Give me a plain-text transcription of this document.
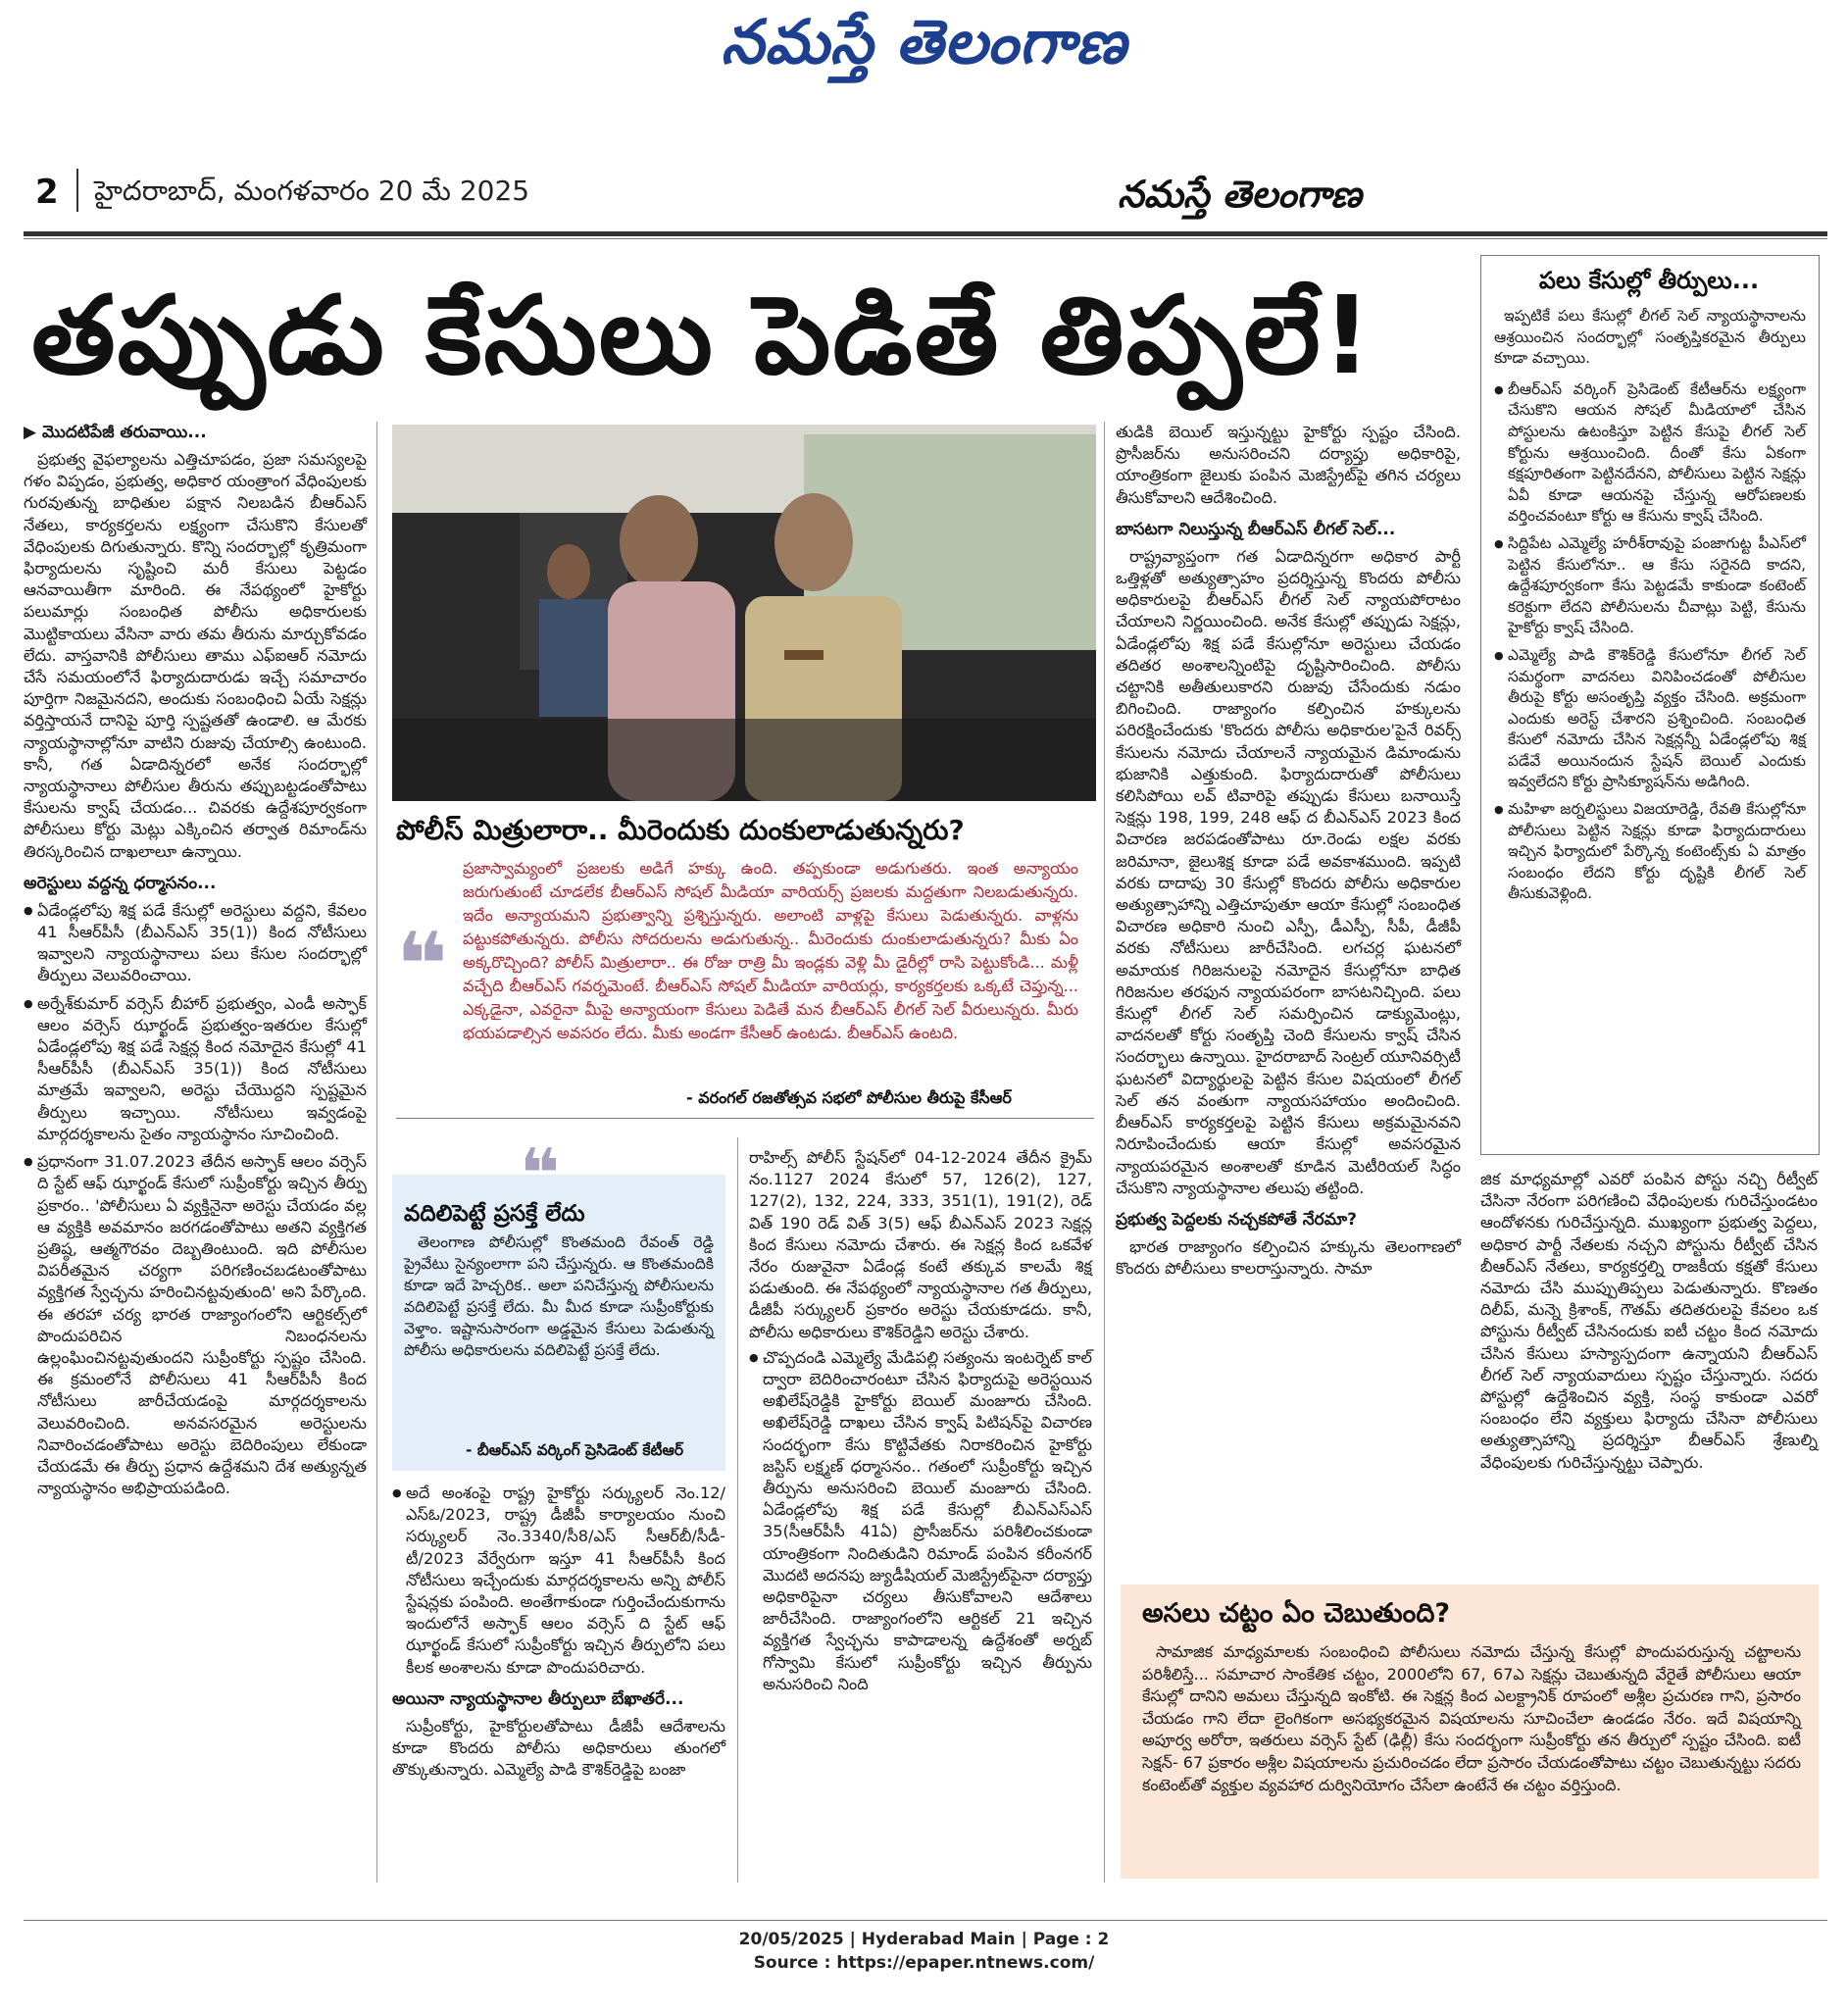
నమస్తే తెలంగాణ
2 హైదరాబాద్, మంగళవారం 20 మే 2025	నమస్తే తెలంగాణ
తప్పుడు కేసులు పెడితే తిప్పలే!
▶ మొదటిపేజీ తరువాయి...

ప్రభుత్వ వైఫల్యాలను ఎత్తిచూపడం, ప్రజా సమస్యలపై గళం విప్పడం, ప్రభుత్వ, అధికార యంత్రాంగ వేధింపులకు గురవుతున్న బాధితుల పక్షాన నిలబడిన బీఆర్ఎస్ నేతలు, కార్యకర్తలను లక్ష్యంగా చేసుకొని కేసులతో వేధింపులకు దిగుతున్నారు. కొన్ని సందర్భాల్లో కృత్రిమంగా ఫిర్యాదులను సృష్టించి మరీ కేసులు పెట్టడం ఆనవాయితీగా మారింది. ఈ నేపథ్యంలో హైకోర్టు పలుమార్లు సంబంధిత పోలీసు అధికారులకు మొట్టికాయలు వేసినా వారు తమ తీరును మార్చుకోవడం లేదు. వాస్తవానికి పోలీసులు తాము ఎఫ్‌ఐఆర్ నమోదు చేసే సమయంలోనే ఫిర్యాదుదారుడు ఇచ్చే సమాచారం పూర్తిగా నిజమైనదని, అందుకు సంబంధించి ఏయే సెక్షన్లు వర్తిస్తాయనే దానిపై పూర్తి స్పష్టతతో ఉండాలి. ఆ మేరకు న్యాయస్థానాల్లోనూ వాటిని రుజువు చేయాల్సి ఉంటుంది. కానీ, గత ఏడాదిన్నరలో అనేక సందర్భాల్లో న్యాయస్థానాలు పోలీసుల తీరును తప్పుబట్టడంతోపాటు కేసులను క్వాష్ చేయడం... చివరకు ఉద్దేశపూర్వకంగా పోలీసులు కోర్టు మెట్లు ఎక్కించిన తర్వాత రిమాండ్‌ను తిరస్కరించిన దాఖలాలూ ఉన్నాయి.

అరెస్టులు వద్దన్న ధర్మాసనం...
● ఏడేండ్లలోపు శిక్ష పడే కేసుల్లో అరెస్టులు వద్దని, కేవలం 41 సీఆర్‌పీసీ (బీఎన్ఎస్ 35(1)) కింద నోటీసులు ఇవ్వాలని న్యాయస్థానాలు పలు కేసుల సందర్భాల్లో తీర్పులు వెలువరించాయి.
● అర్నేశ్‌కుమార్ వర్సెస్ బీహార్ ప్రభుత్వం, ఎండీ అస్ఫాక్ ఆలం వర్సెస్ ఝార్ఖండ్ ప్రభుత్వం-ఇతరుల కేసుల్లో ఏడేండ్లలోపు శిక్ష పడే సెక్షన్ల కింద నమోదైన కేసుల్లో 41 సీఆర్‌పీసీ (బీఎన్ఎస్ 35(1)) కింద నోటీసులు మాత్రమే ఇవ్వాలని, అరెస్టు చేయొద్దని స్పష్టమైన తీర్పులు ఇచ్చాయి. నోటీసులు ఇవ్వడంపై మార్గదర్శకాలను సైతం న్యాయస్థానం సూచించింది.
● ప్రధానంగా 31.07.2023 తేదీన అస్ఫాక్ ఆలం వర్సెస్ ది స్టేట్ ఆఫ్ ఝార్ఖండ్ కేసులో సుప్రీంకోర్టు ఇచ్చిన తీర్పు ప్రకారం.. 'పోలీసులు ఏ వ్యక్తినైనా అరెస్టు చేయడం వల్ల ఆ వ్యక్తికి అవమానం జరగడంతోపాటు అతని వ్యక్తిగత ప్రతిష్ఠ, ఆత్మగౌరవం దెబ్బతింటుంది. ఇది పోలీసుల విపరీతమైన చర్యగా పరిగణించబడటంతోపాటు వ్యక్తిగత స్వేచ్ఛను హరించినట్టవుతుంది' అని పేర్కొంది. ఈ తరహా చర్య భారత రాజ్యాంగంలోని ఆర్టికల్స్‌లో పొందుపరిచిన నిబంధనలను ఉల్లంఘించినట్టవుతుందని సుప్రీంకోర్టు స్పష్టం చేసింది. ఈ క్రమంలోనే పోలీసులు 41 సీఆర్‌పీసీ కింద నోటీసులు జారీచేయడంపై మార్గదర్శకాలను వెలువరించింది. అనవసరమైన అరెస్టులను నివారించడంతోపాటు అరెస్టు బెదిరింపులు లేకుండా చేయడమే ఈ తీర్పు ప్రధాన ఉద్దేశమని దేశ అత్యున్నత న్యాయస్థానం అభిప్రాయపడింది.
పోలీస్ మిత్రులారా.. మీరెందుకు దుంకులాడుతున్నరు?
❝
ప్రజాస్వామ్యంలో ప్రజలకు అడిగే హక్కు ఉంది. తప్పకుండా అడుగుతరు. ఇంత అన్యాయం జరుగుతుంటే చూడలేక బీఆర్ఎస్ సోషల్ మీడియా వారియర్స్ ప్రజలకు మద్దతుగా నిలబడుతున్నరు. ఇదేం అన్యాయమని ప్రభుత్వాన్ని ప్రశ్నిస్తున్నరు. అలాంటి వాళ్లపై కేసులు పెడుతున్నరు. వాళ్లను పట్టుకపోతున్నరు. పోలీసు సోదరులను అడుగుతున్న.. మీరెందుకు దుంకులాడుతున్నరు? మీకు ఏం అక్కరొచ్చింది? పోలీస్ మిత్రులారా.. ఈ రోజు రాత్రి మీ ఇండ్లకు వెళ్లి మీ డైరీల్లో రాసి పెట్టుకోండి... మళ్లీ వచ్చేది బీఆర్ఎస్ గవర్నమెంటే. బీఆర్ఎస్ సోషల్ మీడియా వారియర్లు, కార్యకర్తలకు ఒక్కటే చెప్తున్న... ఎక్కడైనా, ఎవరైనా మీపై అన్యాయంగా కేసులు పెడితే మన బీఆర్ఎస్ లీగల్ సెల్ వీరులున్నరు. మీరు భయపడాల్సిన అవసరం లేదు. మీకు అండగా కేసీఆర్ ఉంటడు. బీఆర్ఎస్ ఉంటది.
- వరంగల్ రజతోత్సవ సభలో పోలీసుల తీరుపై కేసీఆర్
❝
వదిలిపెట్టే ప్రసక్తే లేదు

తెలంగాణ పోలీసుల్లో కొంతమంది రేవంత్ రెడ్డి ప్రైవేటు సైన్యంలాగా పని చేస్తున్నరు. ఆ కొంతమందికి కూడా ఇదే హెచ్చరిక.. అలా పనిచేస్తున్న పోలీసులను వదిలిపెట్టే ప్రసక్తే లేదు. మీ మీద కూడా సుప్రీంకోర్టుకు వెళ్తాం. ఇష్టానుసారంగా అడ్డమైన కేసులు పెడుతున్న పోలీసు అధికారులను వదిలిపెట్టే ప్రసక్తే లేదు.

- బీఆర్ఎస్ వర్కింగ్ ప్రెసిడెంట్ కేటీఆర్
● అదే అంశంపై రాష్ట్ర హైకోర్టు సర్క్యులర్ నెం.12/ఎస్ఓ/2023, రాష్ట్ర డీజీపీ కార్యాలయం నుంచి సర్క్యులర్ నెం.3340/సీ8/ఎస్ సీఆర్‌బీ/సీడీ-టీ/2023 వేర్వేరుగా ఇస్తూ 41 సీఆర్‌పీసీ కింద నోటీసులు ఇచ్చేందుకు మార్గదర్శకాలను అన్ని పోలీస్ స్టేషన్లకు పంపింది. అంతేగాకుండా గుర్తించేందుకుగాను ఇందులోనే అస్ఫాక్ ఆలం వర్సెస్ ది స్టేట్ ఆఫ్ ఝార్ఖండ్ కేసులో సుప్రీంకోర్టు ఇచ్చిన తీర్పులోని పలు కీలక అంశాలను కూడా పొందుపరిచారు.
అయినా న్యాయస్థానాల తీర్పులూ బేఖాతరే...

సుప్రీంకోర్టు, హైకోర్టులతోపాటు డీజీపీ ఆదేశాలను కూడా కొందరు పోలీసు అధికారులు తుంగలో తొక్కుతున్నారు. ఎమ్మెల్యే పాడి కౌశిక్‌రెడ్డిపై బంజా

రాహిల్స్ పోలీస్ స్టేషన్‌లో 04-12-2024 తేదీన క్రైమ్ నం.1127 2024 కేసులో 57, 126(2), 127, 127(2), 132, 224, 333, 351(1), 191(2), రెడ్ విత్ 190 రెడ్ విత్ 3(5) ఆఫ్ బీఎన్ఎస్ 2023 సెక్షన్ల కింద కేసులు నమోదు చేశారు. ఈ సెక్షన్ల కింద ఒకవేళ నేరం రుజువైనా ఏడేండ్ల కంటే తక్కువ కాలమే శిక్ష పడుతుంది. ఈ నేపథ్యంలో న్యాయస్థానాల గత తీర్పులు, డీజీపీ సర్క్యులర్ ప్రకారం అరెస్టు చేయకూడదు. కానీ, పోలీసు అధికారులు కౌశిక్‌రెడ్డిని అరెస్టు చేశారు.

● చొప్పదండి ఎమ్మెల్యే మేడిపల్లి సత్యంను ఇంటర్నెట్ కాల్ ద్వారా బెదిరించారంటూ చేసిన ఫిర్యాదుపై అరెస్టయిన అఖిలేష్‌రెడ్డికి హైకోర్టు బెయిల్ మంజూరు చేసింది. అఖిలేష్‌రెడ్డి దాఖలు చేసిన క్వాష్ పిటిషన్‌పై విచారణ సందర్భంగా కేసు కొట్టివేతకు నిరాకరించిన హైకోర్టు జస్టిస్ లక్ష్మణ్ ధర్మాసనం.. గతంలో సుప్రీంకోర్టు ఇచ్చిన తీర్పును అనుసరించి బెయిల్ మంజూరు చేసింది. ఏడేండ్లలోపు శిక్ష పడే కేసుల్లో బీఎన్ఎస్ఎస్ 35(సీఆర్‌పీసీ 41ఏ) ప్రొసీజర్‌ను పరిశీలించకుండా యాంత్రికంగా నిందితుడిని రిమాండ్ పంపిన కరీంనగర్ మొదటి అదనపు జ్యుడీషియల్ మెజిస్ట్రేట్‌పైనా దర్యాప్తు అధికారిపైనా చర్యలు తీసుకోవాలని ఆదేశాలు జారీచేసింది. రాజ్యాంగంలోని ఆర్టికల్ 21 ఇచ్చిన వ్యక్తిగత స్వేచ్ఛను కాపాడాలన్న ఉద్దేశంతో అర్నబ్ గోస్వామి కేసులో సుప్రీంకోర్టు ఇచ్చిన తీర్పును అనుసరించి నింది

తుడికి బెయిల్ ఇస్తున్నట్టు హైకోర్టు స్పష్టం చేసింది. ప్రొసీజర్‌ను అనుసరించని దర్యాప్తు అధికారిపై, యాంత్రికంగా జైలుకు పంపిన మెజిస్ట్రేట్‌పై తగిన చర్యలు తీసుకోవాలని ఆదేశించింది.

బాసటగా నిలుస్తున్న బీఆర్ఎస్ లీగల్ సెల్...

రాష్ట్రవ్యాప్తంగా గత ఏడాదిన్నరగా అధికార పార్టీ ఒత్తిళ్లతో అత్యుత్సాహం ప్రదర్శిస్తున్న కొందరు పోలీసు అధికారులపై బీఆర్ఎస్ లీగల్ సెల్ న్యాయపోరాటం చేయాలని నిర్ణయించింది. అనేక కేసుల్లో తప్పుడు సెక్షన్లు, ఏడేండ్లలోపు శిక్ష పడే కేసుల్లోనూ అరెస్టులు చేయడం తదితర అంశాలన్నింటిపై దృష్టిసారించింది. పోలీసు చట్టానికి అతీతులుకారని రుజువు చేసేందుకు నడుం బిగించింది. రాజ్యాంగం కల్పించిన హక్కులను పరిరక్షించేందుకు 'కొందరు పోలీసు అధికారుల'పైనే రివర్స్ కేసులను నమోదు చేయాలనే న్యాయమైన డిమాండును భుజానికి ఎత్తుకుంది. ఫిర్యాదుదారుతో పోలీసులు కలిసిపోయి లవ్ టివారిపై తప్పుడు కేసులు బనాయిస్తే సెక్షన్లు 198, 199, 248 ఆఫ్ ద బీఎన్ఎస్ 2023 కింద విచారణ జరపడంతోపాటు రూ.రెండు లక్షల వరకు జరిమానా, జైలుశిక్ష కూడా పడే అవకాశముంది. ఇప్పటి వరకు దాదాపు 30 కేసుల్లో కొందరు పోలీసు అధికారుల అత్యుత్సాహాన్ని ఎత్తిచూపుతూ ఆయా కేసుల్లో సంబంధిత విచారణ అధికారి నుంచి ఎస్పీ, డీఎస్పీ, సీపీ, డీజీపీ వరకు నోటీసులు జారీచేసింది. లగచర్ల ఘటనలో అమాయక గిరిజనులపై నమోదైన కేసుల్లోనూ బాధిత గిరిజనుల తరఫున న్యాయపరంగా బాసటనిచ్చింది. పలు కేసుల్లో లీగల్ సెల్ సమర్పించిన డాక్యుమెంట్లు, వాదనలతో కోర్టు సంతృప్తి చెంది కేసులను క్వాష్ చేసిన సందర్భాలు ఉన్నాయి. హైదరాబాద్ సెంట్రల్ యూనివర్సిటీ ఘటనలో విద్యార్థులపై పెట్టిన కేసుల విషయంలో లీగల్ సెల్ తన వంతుగా న్యాయసహాయం అందించింది. బీఆర్ఎస్ కార్యకర్తలపై పెట్టిన కేసులు అక్రమమైనవని నిరూపించేందుకు ఆయా కేసుల్లో అవసరమైన న్యాయపరమైన అంశాలతో కూడిన మెటీరియల్ సిద్ధం చేసుకొని న్యాయస్థానాల తలుపు తట్టింది.

ప్రభుత్వ పెద్దలకు నచ్చకపోతే నేరమా?

భారత రాజ్యాంగం కల్పించిన హక్కును తెలంగాణలో కొందరు పోలీసులు కాలరాస్తున్నారు. సామా

పలు కేసుల్లో తీర్పులు...

ఇప్పటికే పలు కేసుల్లో లీగల్ సెల్ న్యాయస్థానాలను ఆశ్రయించిన సందర్భాల్లో సంతృప్తికరమైన తీర్పులు కూడా వచ్చాయి.

● బీఆర్ఎస్ వర్కింగ్ ప్రెసిడెంట్ కేటీఆర్‌ను లక్ష్యంగా చేసుకొని ఆయన సోషల్ మీడియాలో చేసిన పోస్టులను ఉటంకిస్తూ పెట్టిన కేసుపై లీగల్ సెల్ కోర్టును ఆశ్రయించింది. దీంతో కేసు ఏకంగా కక్షపూరితంగా పెట్టినదేనని, పోలీసులు పెట్టిన సెక్షన్లు ఏవీ కూడా ఆయనపై చేస్తున్న ఆరోపణలకు వర్తించవంటూ కోర్టు ఆ కేసును క్వాష్ చేసింది.
● సిద్దిపేట ఎమ్మెల్యే హరీశ్‌రావుపై పంజాగుట్ట పీఎస్‌లో పెట్టిన కేసులోనూ.. ఆ కేసు సరైనది కాదని, ఉద్దేశపూర్వకంగా కేసు పెట్టడమే కాకుండా కంటెంట్ కరెక్టుగా లేదని పోలీసులను చీవాట్లు పెట్టి, కేసును హైకోర్టు క్వాష్ చేసింది.
● ఎమ్మెల్యే పాడి కౌశిక్‌రెడ్డి కేసులోనూ లీగల్ సెల్ సమర్థంగా వాదనలు వినిపించడంతో పోలీసుల తీరుపై కోర్టు అసంతృప్తి వ్యక్తం చేసింది. అక్రమంగా ఎందుకు అరెస్ట్ చేశారని ప్రశ్నించింది. సంబంధిత కేసులో నమోదు చేసిన సెక్షన్లన్నీ ఏడేండ్లలోపు శిక్ష పడేవే అయినందున స్టేషన్ బెయిల్ ఎందుకు ఇవ్వలేదని కోర్టు ప్రాసిక్యూషన్‌ను అడిగింది.
● మహిళా జర్నలిస్టులు విజయారెడ్డి, రేవతి కేసుల్లోనూ పోలీసులు పెట్టిన సెక్షన్లు కూడా ఫిర్యాదుదారులు ఇచ్చిన ఫిర్యాదులో పేర్కొన్న కంటెంట్స్‌కు ఏ మాత్రం సంబంధం లేదని కోర్టు దృష్టికి లీగల్ సెల్ తీసుకువెళ్లింది.

జిక మాధ్యమాల్లో ఎవరో పంపిన పోస్టు నచ్చి రీట్వీట్ చేసినా నేరంగా పరిగణించి వేధింపులకు గురిచేస్తుండటం ఆందోళనకు గురిచేస్తున్నది. ముఖ్యంగా ప్రభుత్వ పెద్దలు, అధికార పార్టీ నేతలకు నచ్చని పోస్టును రీట్వీట్ చేసిన బీఆర్ఎస్ నేతలు, కార్యకర్తల్ని రాజకీయ కక్షతో కేసులు నమోదు చేసి ముప్పుతిప్పలు పెడుతున్నారు. కొణతం దిలీప్, మన్నె క్రిశాంక్, గౌతమ్ తదితరులపై కేవలం ఒక పోస్టును రీట్వీట్ చేసినందుకు ఐటీ చట్టం కింద నమోదు చేసిన కేసులు హస్యాస్పదంగా ఉన్నాయని బీఆర్ఎస్ లీగల్ సెల్ న్యాయవాదులు స్పష్టం చేస్తున్నారు. సదరు పోస్టుల్లో ఉద్దేశించిన వ్యక్తి, సంస్థ కాకుండా ఎవరో సంబంధం లేని వ్యక్తులు ఫిర్యాదు చేసినా పోలీసులు అత్యుత్సాహాన్ని ప్రదర్శిస్తూ బీఆర్ఎస్ శ్రేణుల్ని వేధింపులకు గురిచేస్తున్నట్టు చెప్పారు.

అసలు చట్టం ఏం చెబుతుంది?

సామాజిక మాధ్యమాలకు సంబంధించి పోలీసులు నమోదు చేస్తున్న కేసుల్లో పొందుపరుస్తున్న చట్టాలను పరిశీలిస్తే... సమాచార సాంకేతిక చట్టం, 2000లోని 67, 67ఎ సెక్షన్లు చెబుతున్నది వేరైతే పోలీసులు ఆయా కేసుల్లో దానిని అమలు చేస్తున్నది ఇంకోటి. ఈ సెక్షన్ల కింద ఎలక్ట్రానిక్ రూపంలో అశ్లీల ప్రచురణ గాని, ప్రసారం చేయడం గాని లేదా లైంగికంగా అసభ్యకరమైన విషయాలను సూచించేలా ఉండడం నేరం. ఇదే విషయాన్ని అపూర్వ అరోరా, ఇతరులు వర్సెస్ స్టేట్ (ఢిల్లీ) కేసు సందర్భంగా సుప్రీంకోర్టు తన తీర్పులో స్పష్టం చేసింది. ఐటీ సెక్షన్- 67 ప్రకారం అశ్లీల విషయాలను ప్రచురించడం లేదా ప్రసారం చేయడంతోపాటు చట్టం చెబుతున్నట్టు సదరు కంటెంట్‌తో వ్యక్తుల వ్యవహార దుర్వినియోగం చేసేలా ఉంటేనే ఈ చట్టం వర్తిస్తుంది.

20/05/2025 | Hyderabad Main | Page : 2
Source : https://epaper.ntnews.com/
